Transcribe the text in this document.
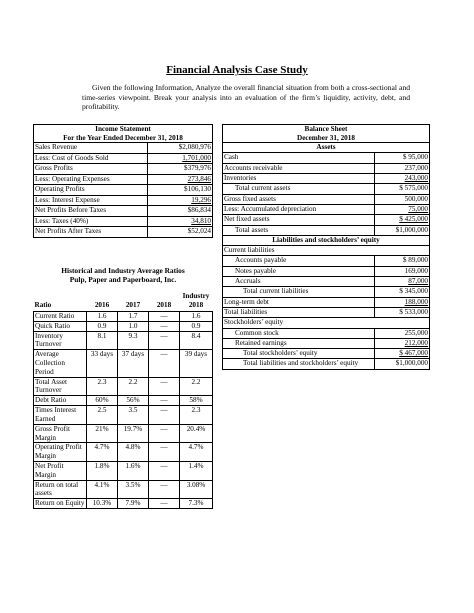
Financial Analysis Case Study
Given the following Information, Analyze the overall financial situation from both a cross-sectional and time-series viewpoint. Break your analysis into an evaluation of the firm’s liquidity, activity, debt, and profitability.
Income Statement
For the Year Ended December 31, 2018	

Sales Revenue	$2,080,976
Less: Cost of Goods Sold	1,701,000
Gross Profits	$379,976
Less: Operating Expenses	273,846
Operating Profits	$106,130
Less: Interest Expense	19,296
Net Profits Before Taxes	$86,834
Less: Taxes (40%)	34,810
Net Profits After Taxes	$52,024
Balance Sheet
December 31, 2018	

Assets	
Cash	$ 95,000
Accounts receivable	237,000
Inventories	243,000
Total current assets	$ 575,000
Gross fixed assets	500,000
Less: Accumulated depreciation	75,000
Net fixed assets	$ 425,000
Total assets	$1,000,000
Liabilities and stockholders’ equity	
Current liabilities	
Accounts payable	$ 89,000
Notes payable	169,000
Accruals	87,000
Total current liabilities	$ 345,000
Long-term debt	188,000
Total liabilities	$ 533,000
Stockholders’ equity	
Common stock	255,000
Retained earnings	212,000
Total stockholders’ equity	$ 467,000
Total liabilities and stockholders’ equity	$1,000,000
Historical and Industry Average Ratios
Pulp, Paper and Paperboard, Inc.
Ratio	2016	2017	2018	Industry
2018

Current Ratio	1.6	1.7	—	1.6
Quick Ratio	0.9	1.0	—	0.9
Inventory Turnover	8.1	9.3	—	8.4
Average Collection Period	33 days	37 days	—	39 days
Total Asset Turnover	2.3	2.2	—	2.2
Debt Ratio	60%	56%	—	58%
Times Interest Earned	2.5	3.5	—	2.3
Gross Profit Margin	21%	19.7%	—	20.4%
Operating Profit Margin	4.7%	4.8%	—	4.7%
Net Profit Margin	1.8%	1.6%	—	1.4%
Return on total assets	4.1%	3.5%	—	3.08%
Return on Equity	10.3%	7.9%	—	7.3%
